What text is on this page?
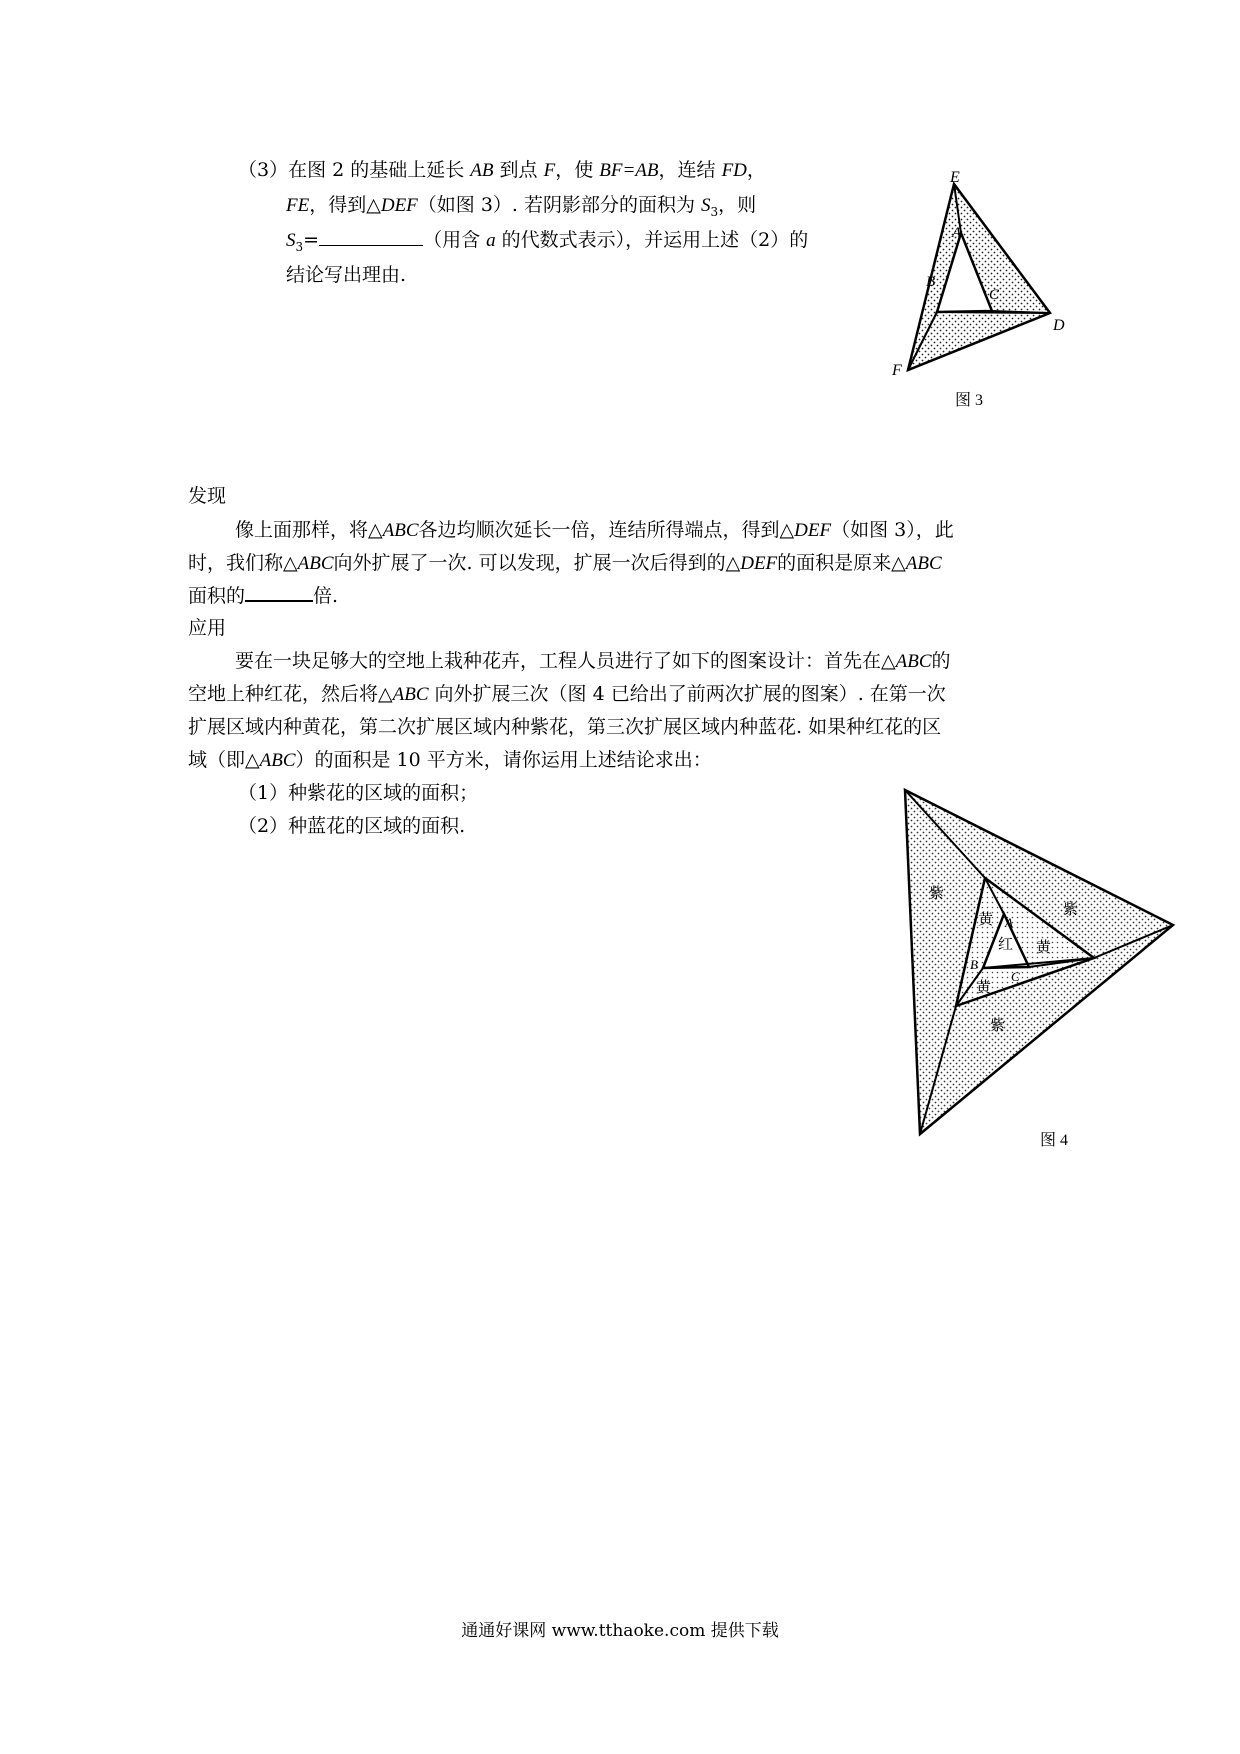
（3）在图 2 的基础上延长 AB 到点 F，使 BF=AB，连结 FD，
FE，得到△DEF（如图 3）. 若阴影部分的面积为 $S_3$，则
$S_3=$	（用含 a 的代数式表示），并运用上述（2）的
结论写出理由.
E
A
B
C
D
F
图 3
发现
像上面那样，将△ABC各边均顺次延长一倍，连结所得端点，得到△DEF（如图 3），此
时，我们称△ABC向外扩展了一次. 可以发现，扩展一次后得到的△DEF的面积是原来△ABC
面积的	倍.
应用
要在一块足够大的空地上栽种花卉，工程人员进行了如下的图案设计：首先在△ABC的
空地上种红花，然后将△ABC 向外扩展三次（图 4 已给出了前两次扩展的图案）. 在第一次
扩展区域内种黄花，第二次扩展区域内种紫花，第三次扩展区域内种蓝花. 如果种红花的区
域（即△ABC）的面积是 10 平方米，请你运用上述结论求出：
（1）种紫花的区域的面积；
（2）种蓝花的区域的面积.
紫
紫
紫
黄
黄
黄
红
A
B
C
图 4
通通好课网 www.tthaoke.com 提供下载
